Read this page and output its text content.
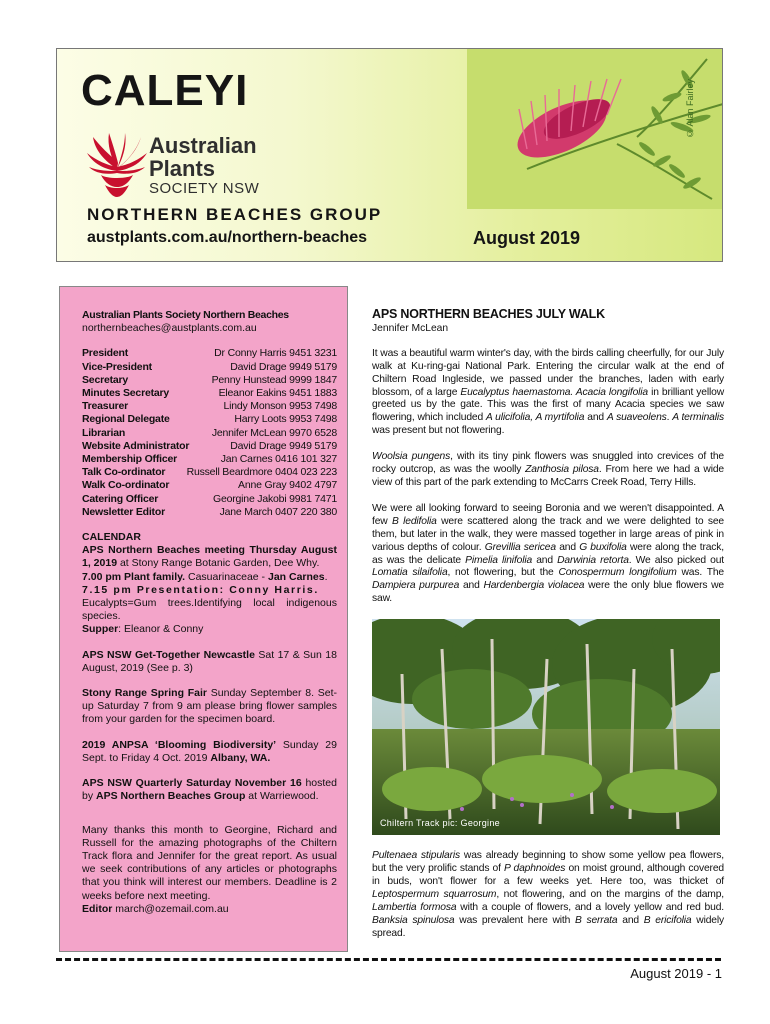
CALEYI
Australian
Plants
SOCIETY NSW
NORTHERN BEACHES GROUP
austplants.com.au/northern-beaches	August 2019
© Alan Fairley
Australian Plants Society Northern Beaches
northernbeaches@austplants.com.au
President	Dr Conny Harris 9451 3231
Vice-President	David Drage 9949 5179
Secretary	Penny Hunstead 9999 1847
Minutes Secretary	Eleanor Eakins 9451 1883
Treasurer	Lindy Monson 9953 7498
Regional Delegate	Harry Loots 9953 7498
Librarian	Jennifer McLean 9970 6528
Website Administrator	David Drage 9949 5179
Membership Officer	Jan Carnes 0416 101 327
Talk Co-ordinator Russell Beardmore 0404 023 223
Walk Co-ordinator	Anne Gray 9402 4797
Catering Officer	Georgine Jakobi 9981 7471
Newsletter Editor	Jane March 0407 220 380
CALENDAR
APS Northern Beaches meeting Thursday August 1, 2019 at Stony Range Botanic Garden, Dee Why.
7.00 pm Plant family. Casuarinaceae - Jan Carnes.
7.15 pm Presentation: Conny Harris.
Eucalypts=Gum trees.Identifying local indigenous species.
Supper: Eleanor & Conny
APS NSW Get-Together Newcastle Sat 17 & Sun 18 August, 2019 (See p. 3)
Stony Range Spring Fair Sunday September 8. Set-up Saturday 7 from 9 am please bring flower samples from your garden for the specimen board.
2019 ANPSA ‘Blooming Biodiversity’ Sunday 29 Sept. to Friday 4 Oct. 2019 Albany, WA.
APS NSW Quarterly Saturday November 16 hosted by APS Northern Beaches Group at Warriewood.
Many thanks this month to Georgine, Richard and Russell for the amazing photographs of the Chiltern Track flora and Jennifer for the great report. As usual we seek contributions of any articles or photographs that you think will interest our members. Deadline is 2 weeks before next meeting.
Editor march@ozemail.com.au
APS NORTHERN BEACHES JULY WALK
Jennifer McLean

It was a beautiful warm winter's day, with the birds calling cheerfully, for our July walk at Ku-ring-gai National Park. Entering the circular walk at the end of Chiltern Road Ingleside, we passed under the branches, laden with early blossom, of a large Eucalyptus haemastoma. Acacia longifolia in brilliant yellow greeted us by the gate. This was the first of many Acacia species we saw flowering, which included A ulicifolia, A myrtifolia and A suaveolens. A terminalis was present but not flowering.

Woolsia pungens, with its tiny pink flowers was snuggled into crevices of the rocky outcrop, as was the woolly Zanthosia pilosa. From here we had a wide view of this part of the park extending to McCarrs Creek Road, Terry Hills.

We were all looking forward to seeing Boronia and we weren't disappointed. A few B ledifolia were scattered along the track and we were delighted to see them, but later in the walk, they were massed together in large areas of pink in various depths of colour. Grevillia sericea and G buxifolia were along the track, as was the delicate Pimelia linifolia and Darwinia retorta. We also picked out Lomatia silaifolia, not flowering, but the Conospermum longifolium was. The Dampiera purpurea and Hardenbergia violacea were the only blue flowers we saw.

Chiltern Track pic: Georgine

Pultenaea stipularis was already beginning to show some yellow pea flowers, but the very prolific stands of P daphnoides on moist ground, although covered in buds, won't flower for a few weeks yet. Here too, was thicket of Leptospermum squarrosum, not flowering, and on the margins of the damp, Lambertia formosa with a couple of flowers, and a lovely yellow and red bud. Banksia spinulosa was prevalent here with B serrata and B ericifolia widely spread.

August 2019 - 1
